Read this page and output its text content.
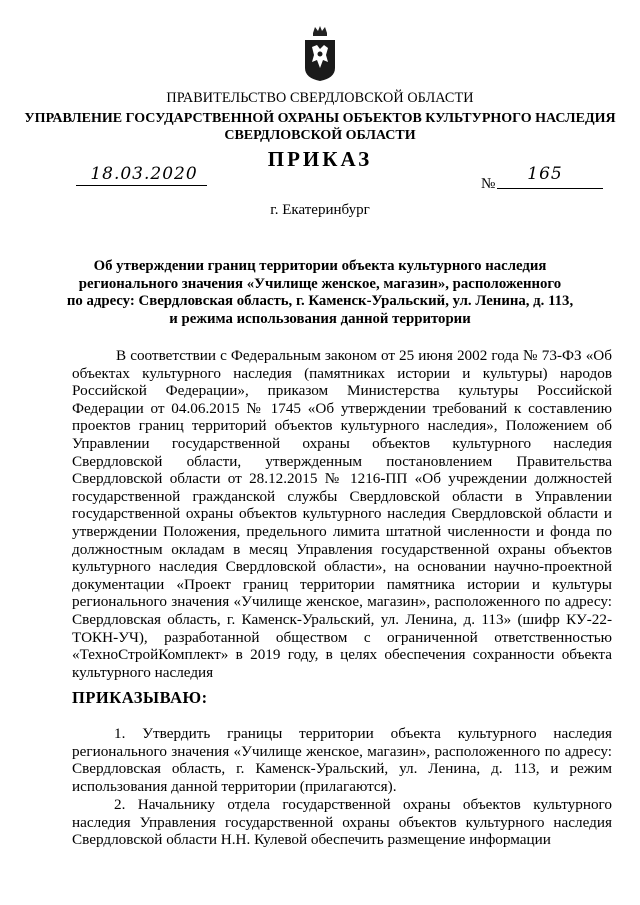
ПРАВИТЕЛЬСТВО СВЕРДЛОВСКОЙ ОБЛАСТИ
УПРАВЛЕНИЕ ГОСУДАРСТВЕННОЙ ОХРАНЫ ОБЪЕКТОВ КУЛЬТУРНОГО НАСЛЕДИЯ
СВЕРДЛОВСКОЙ ОБЛАСТИ
ПРИКАЗ
18.03.2020	№	165
г. Екатеринбург
Об утверждении границ территории объекта культурного наследия
регионального значения «Училище женское, магазин», расположенного
по адресу: Свердловская область, г. Каменск-Уральский, ул. Ленина, д. 113,
и режима использования данной территории
В соответствии с Федеральным законом от 25 июня 2002 года № 73-ФЗ «Об объектах культурного наследия (памятниках истории и культуры) народов Российской Федерации», приказом Министерства культуры Российской Федерации от 04.06.2015 № 1745 «Об утверждении требований к составлению проектов границ территорий объектов культурного наследия», Положением об Управлении государственной охраны объектов культурного наследия Свердловской области, утвержденным постановлением Правительства Свердловской области от 28.12.2015 № 1216-ПП «Об учреждении должностей государственной гражданской службы Свердловской области в Управлении государственной охраны объектов культурного наследия Свердловской области и утверждении Положения, предельного лимита штатной численности и фонда по должностным окладам в месяц Управления государственной охраны объектов культурного наследия Свердловской области», на основании научно-проектной документации «Проект границ территории памятника истории и культуры регионального значения «Училище женское, магазин», расположенного по адресу: Свердловская область, г. Каменск-Уральский, ул. Ленина, д. 113» (шифр КУ-22-ТОКН-УЧ), разработанной обществом с ограниченной ответственностью «ТехноСтройКомплект» в 2019 году, в целях обеспечения сохранности объекта культурного наследия
ПРИКАЗЫВАЮ:
1. Утвердить границы территории объекта культурного наследия регионального значения «Училище женское, магазин», расположенного по адресу: Свердловская область, г. Каменск-Уральский, ул. Ленина, д. 113, и режим использования данной территории (прилагаются).
2. Начальнику отдела государственной охраны объектов культурного наследия Управления государственной охраны объектов культурного наследия Свердловской области Н.Н. Кулевой обеспечить размещение информации
